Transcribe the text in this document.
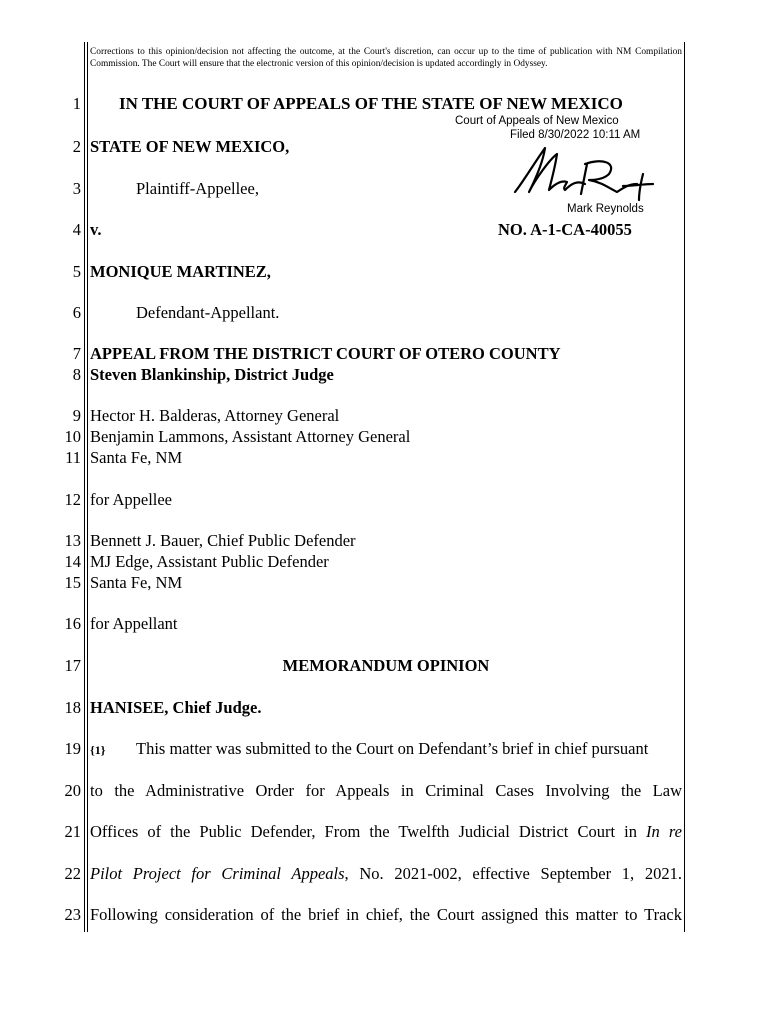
Corrections to this opinion/decision not affecting the outcome, at the Court's discretion, can occur up to the time of publication with NM Compilation Commission. The Court will ensure that the electronic version of this opinion/decision is updated accordingly in Odyssey.
Court of Appeals of New Mexico
Filed 8/30/2022 10:11 AM
Mark Reynolds
1 IN THE COURT OF APPEALS OF THE STATE OF NEW MEXICO
2 STATE OF NEW MEXICO,
3	Plaintiff-Appellee,
4 v.	NO. A-1-CA-40055
5 MONIQUE MARTINEZ,
6	Defendant-Appellant.
7 APPEAL FROM THE DISTRICT COURT OF OTERO COUNTY
8 Steven Blankinship, District Judge
9 Hector H. Balderas, Attorney General
10 Benjamin Lammons, Assistant Attorney General
11 Santa Fe, NM
12 for Appellee
13 Bennett J. Bauer, Chief Public Defender
14 MJ Edge, Assistant Public Defender
15 Santa Fe, NM
16 for Appellant
17	MEMORANDUM OPINION
18 HANISEE, Chief Judge.
19 {1} This matter was submitted to the Court on Defendant’s brief in chief pursuant
20 to the Administrative Order for Appeals in Criminal Cases Involving the Law
21 Offices of the Public Defender, From the Twelfth Judicial District Court in In re
22 Pilot Project for Criminal Appeals, No. 2021-002, effective September 1, 2021.
23 Following consideration of the brief in chief, the Court assigned this matter to Track
